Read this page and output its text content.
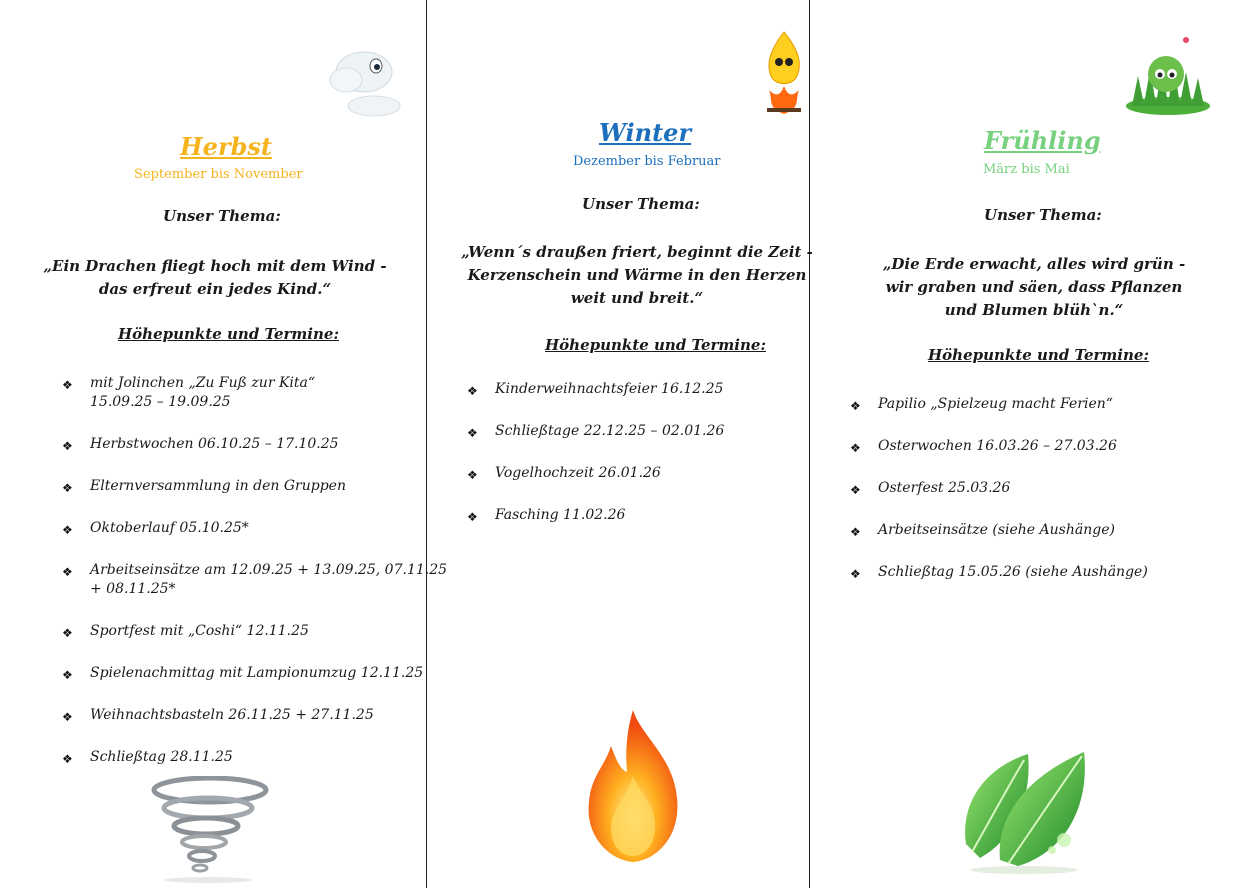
Herbst
September bis November
Unser Thema:
„Ein Drachen fliegt hoch mit dem Wind -
das erfreut ein jedes Kind.“
Höhepunkte und Termine:
❖ mit Jolinchen „Zu Fuß zur Kita“
15.09.25 – 19.09.25
❖ Herbstwochen 06.10.25 – 17.10.25
❖ Elternversammlung in den Gruppen
❖ Oktoberlauf 05.10.25*
❖ Arbeitseinsätze am 12.09.25 + 13.09.25, 07.11.25
+ 08.11.25*
❖ Sportfest mit „Coshi“ 12.11.25
❖ Spielenachmittag mit Lampionumzug 12.11.25
❖ Weihnachtsbasteln 26.11.25 + 27.11.25
❖ Schließtag 28.11.25
Winter
Dezember bis Februar
Unser Thema:
„Wenn´s draußen friert, beginnt die Zeit -
Kerzenschein und Wärme in den Herzen
weit und breit.“
Höhepunkte und Termine:
❖ Kinderweihnachtsfeier 16.12.25
❖ Schließtage 22.12.25 – 02.01.26
❖ Vogelhochzeit 26.01.26
❖ Fasching 11.02.26
Frühling
März bis Mai
Unser Thema:
„Die Erde erwacht, alles wird grün -
wir graben und säen, dass Pflanzen
und Blumen blüh`n.“
Höhepunkte und Termine:
❖ Papilio „Spielzeug macht Ferien“
❖ Osterwochen 16.03.26 – 27.03.26
❖ Osterfest 25.03.26
❖ Arbeitseinsätze (siehe Aushänge)
❖ Schließtag 15.05.26 (siehe Aushänge)
